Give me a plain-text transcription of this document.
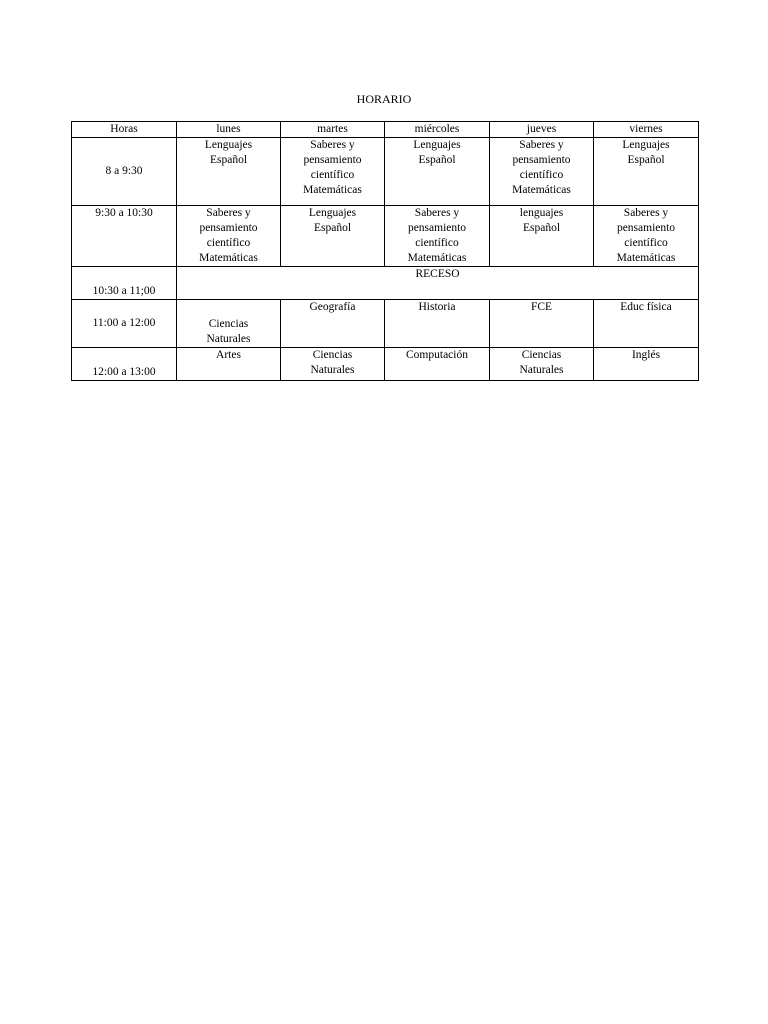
HORARIO
Horas	lunes	martes	miércoles	jueves	viernes
8 a 9:30	Lenguajes
Español	Saberes y
pensamiento
científico
Matemáticas	Lenguajes
Español	Saberes y
pensamiento
científico
Matemáticas	Lenguajes
Español

9:30 a 10:30	Saberes y
pensamiento
científico
Matemáticas	Lenguajes
Español	Saberes y
pensamiento
científico
Matemáticas	lenguajes
Español	Saberes y
pensamiento
científico
Matemáticas

10:30 a 11;00	RECESO				
11:00 a 12:00	Ciencias
Naturales	Geografía	Historia	FCE	Educ física

12:00 a 13:00	Artes	Ciencias
Naturales	Computación	Ciencias
Naturales	Inglés
